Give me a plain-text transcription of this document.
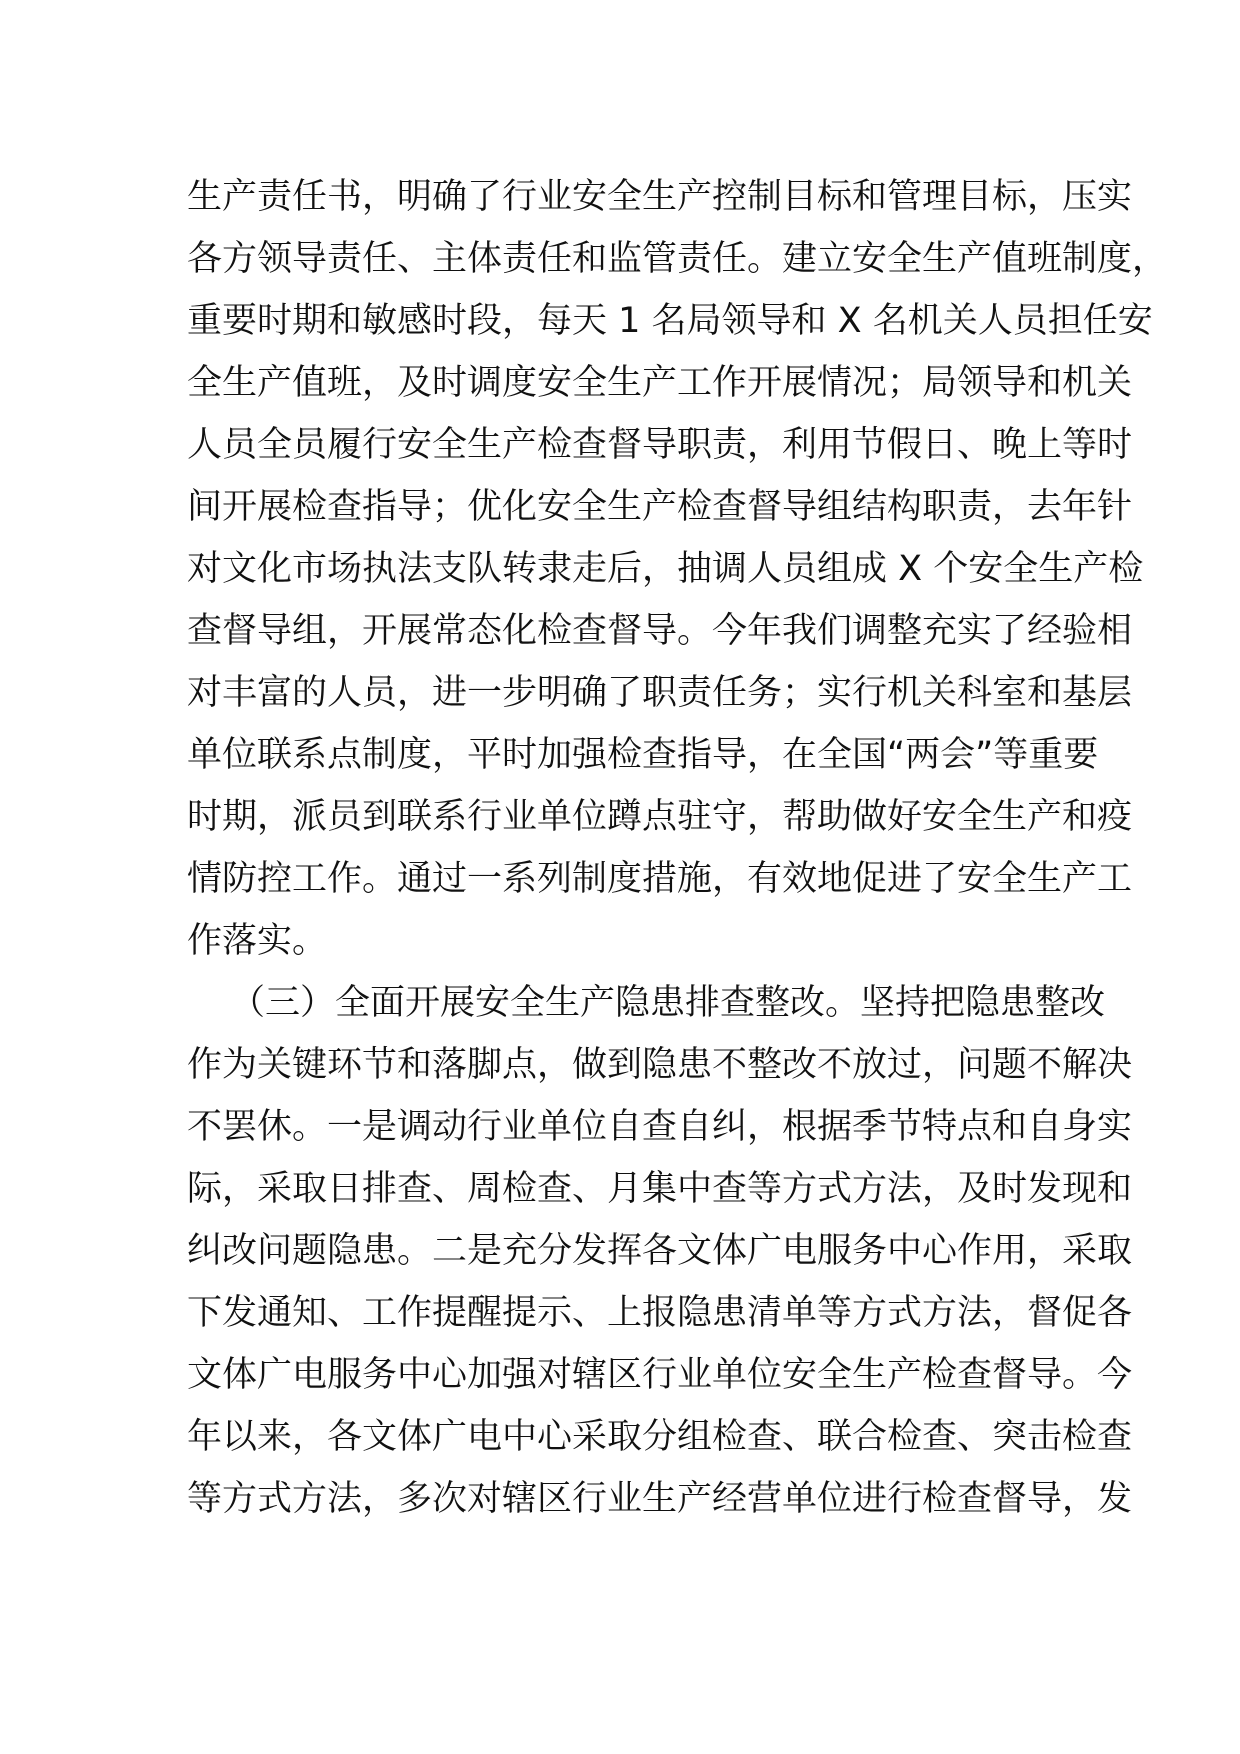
生产责任书，明确了行业安全生产控制目标和管理目标，压实
各方领导责任、主体责任和监管责任。建立安全生产值班制度，
重要时期和敏感时段，每天 1 名局领导和 X 名机关人员担任安
全生产值班，及时调度安全生产工作开展情况；局领导和机关
人员全员履行安全生产检查督导职责，利用节假日、晚上等时
间开展检查指导；优化安全生产检查督导组结构职责，去年针
对文化市场执法支队转隶走后，抽调人员组成 X 个安全生产检
查督导组，开展常态化检查督导。今年我们调整充实了经验相
对丰富的人员，进一步明确了职责任务；实行机关科室和基层
单位联系点制度，平时加强检查指导，在全国“两会”等重要
时期，派员到联系行业单位蹲点驻守，帮助做好安全生产和疫
情防控工作。通过一系列制度措施，有效地促进了安全生产工
作落实。
（三）全面开展安全生产隐患排查整改。坚持把隐患整改
作为关键环节和落脚点，做到隐患不整改不放过，问题不解决
不罢休。一是调动行业单位自查自纠，根据季节特点和自身实
际，采取日排查、周检查、月集中查等方式方法，及时发现和
纠改问题隐患。二是充分发挥各文体广电服务中心作用，采取
下发通知、工作提醒提示、上报隐患清单等方式方法，督促各
文体广电服务中心加强对辖区行业单位安全生产检查督导。今
年以来，各文体广电中心采取分组检查、联合检查、突击检查
等方式方法，多次对辖区行业生产经营单位进行检查督导，发
